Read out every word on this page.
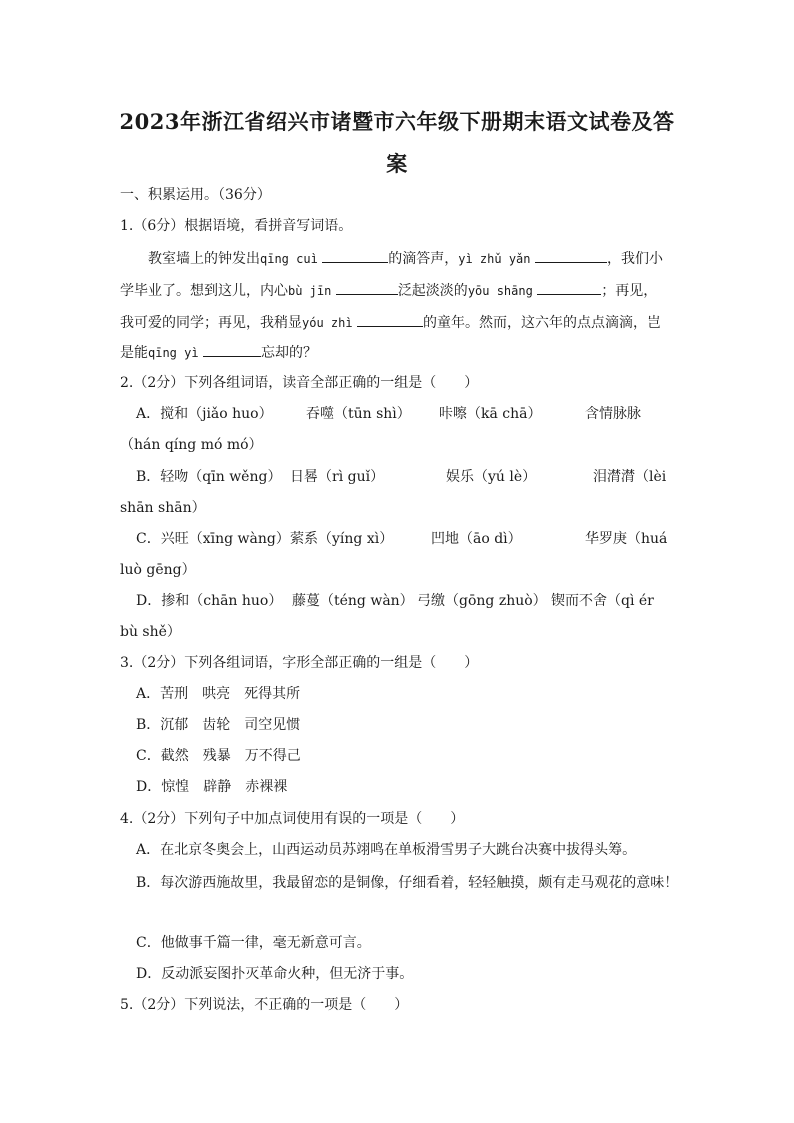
2023年浙江省绍兴市诸暨市六年级下册期末语文试卷及答
案
一、积累运用。（36分）
1.（6分）根据语境，看拼音写词语。
教室墙上的钟发出qīng cuì	的滴答声，yì zhǔ yǎn	，我们小
学毕业了。想到这儿，内心bù jīn	泛起淡淡的yōu shāng	；再见，
我可爱的同学；再见，我稍显yóu zhì	的童年。然而，这六年的点点滴滴，岂
是能qīng yì	忘却的？
2.（2分）下列各组词语，读音全部正确的一组是（　　）
A．搅和（jiǎo huo） 吞噬（tūn shì） 咔嚓（kā chā）	含情脉脉
（hán qíng mó mó）
B．轻吻（qīn wěng） 日晷（rì guǐ）	娱乐（yú lè）	泪潸潸（lèi
shān shān）
C．兴旺（xīng wàng） 萦系（yíng xì）	凹地（āo dì）	华罗庚（huá
luò gēng）
D．掺和（chān huo） 藤蔓（téng wàn） 弓缴（gōng zhuò） 锲而不舍（qì ér
bù shě）
3.（2分）下列各组词语，字形全部正确的一组是（　　）
A．苦刑　哄亮　死得其所
B．沉郁　齿轮　司空见惯
C．截然　残暴　万不得己
D．惊惶　辟静　赤裸裸
4.（2分）下列句子中加点词使用有误的一项是（　　）
A．在北京冬奥会上，山西运动员苏翊鸣在单板滑雪男子大跳台决赛中拔得头筹。
B．每次游西施故里，我最留恋的是铜像，仔细看着，轻轻触摸，颇有走马观花的意味！
C．他做事千篇一律，毫无新意可言。
D．反动派妄图扑灭革命火种，但无济于事。
5.（2分）下列说法，不正确的一项是（　　）
